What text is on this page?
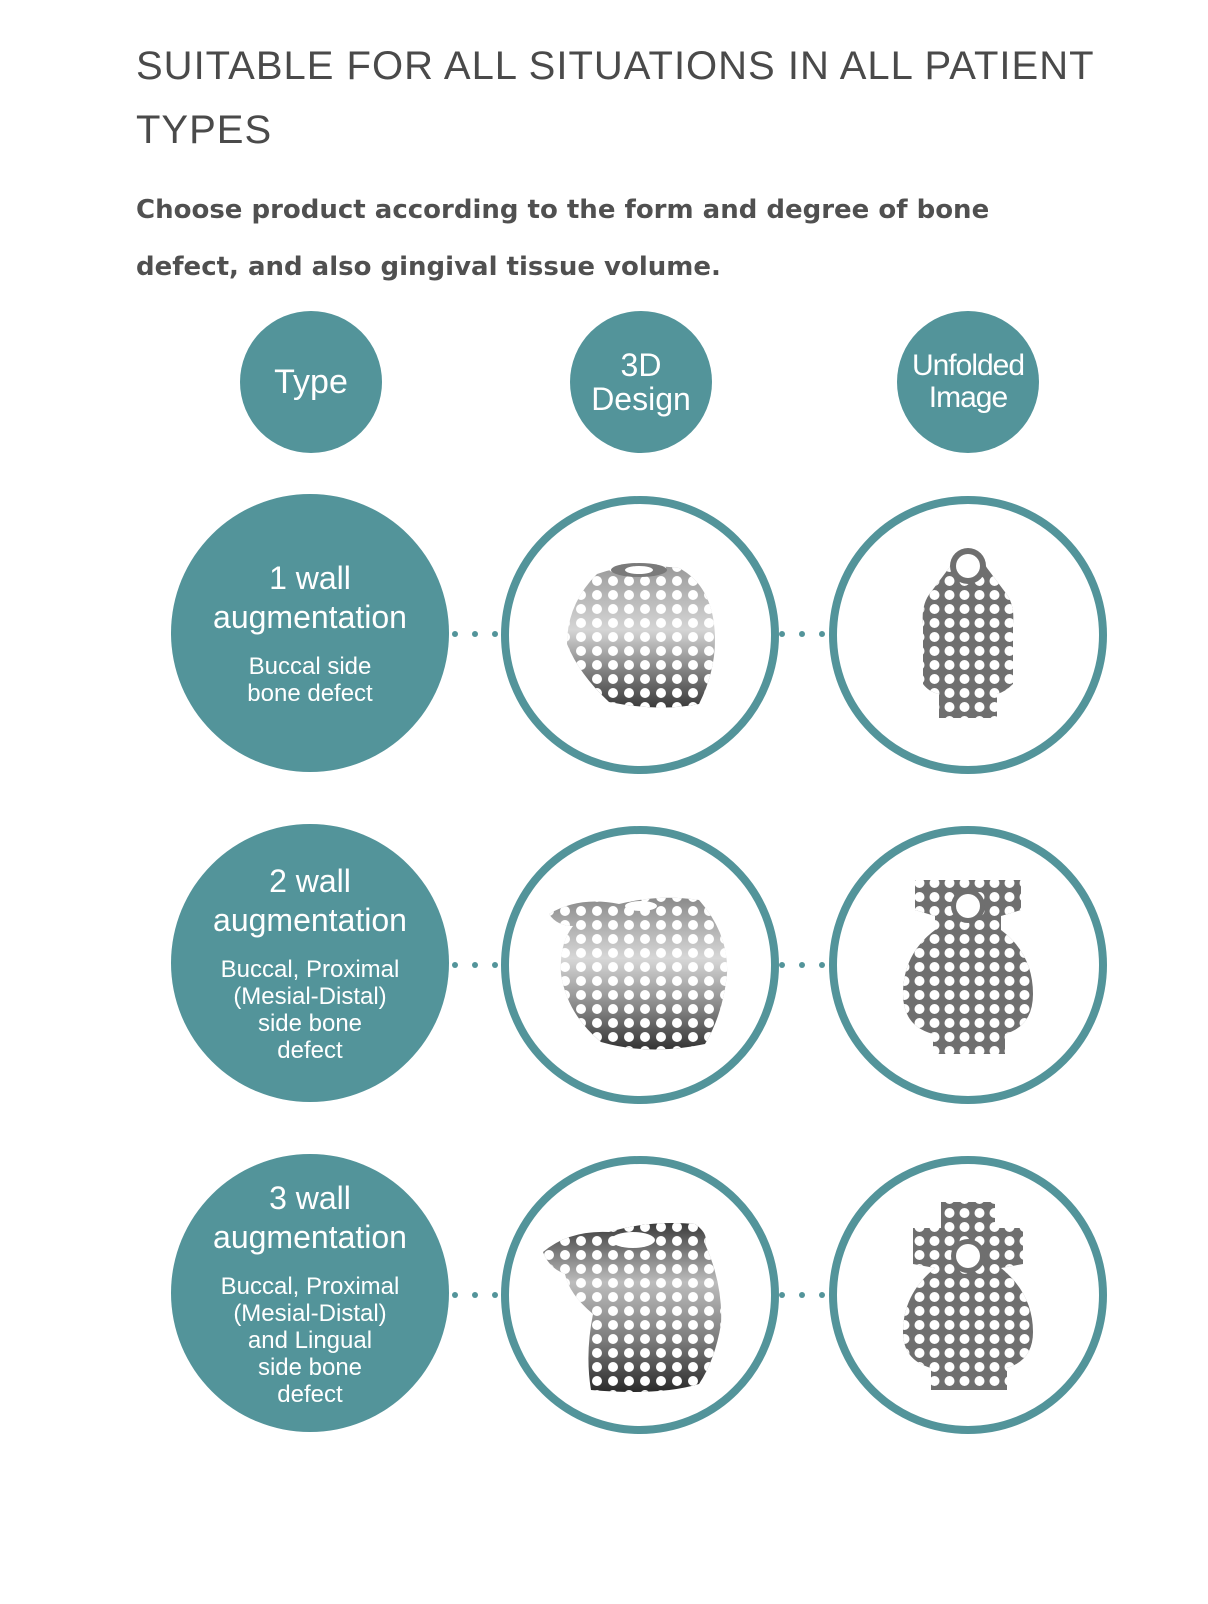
SUITABLE FOR ALL SITUATIONS IN ALL PATIENT TYPES

Choose product according to the form and degree of bone defect, and also gingival tissue volume.

Type	3D
Design
Unfolded
Image
1 wall
augmentation
Buccal side
bone defect
2 wall
augmentation
Buccal, Proximal
(Mesial-Distal)
side bone
defect
3 wall
augmentation
Buccal, Proximal
(Mesial-Distal)
and Lingual
side bone
defect
